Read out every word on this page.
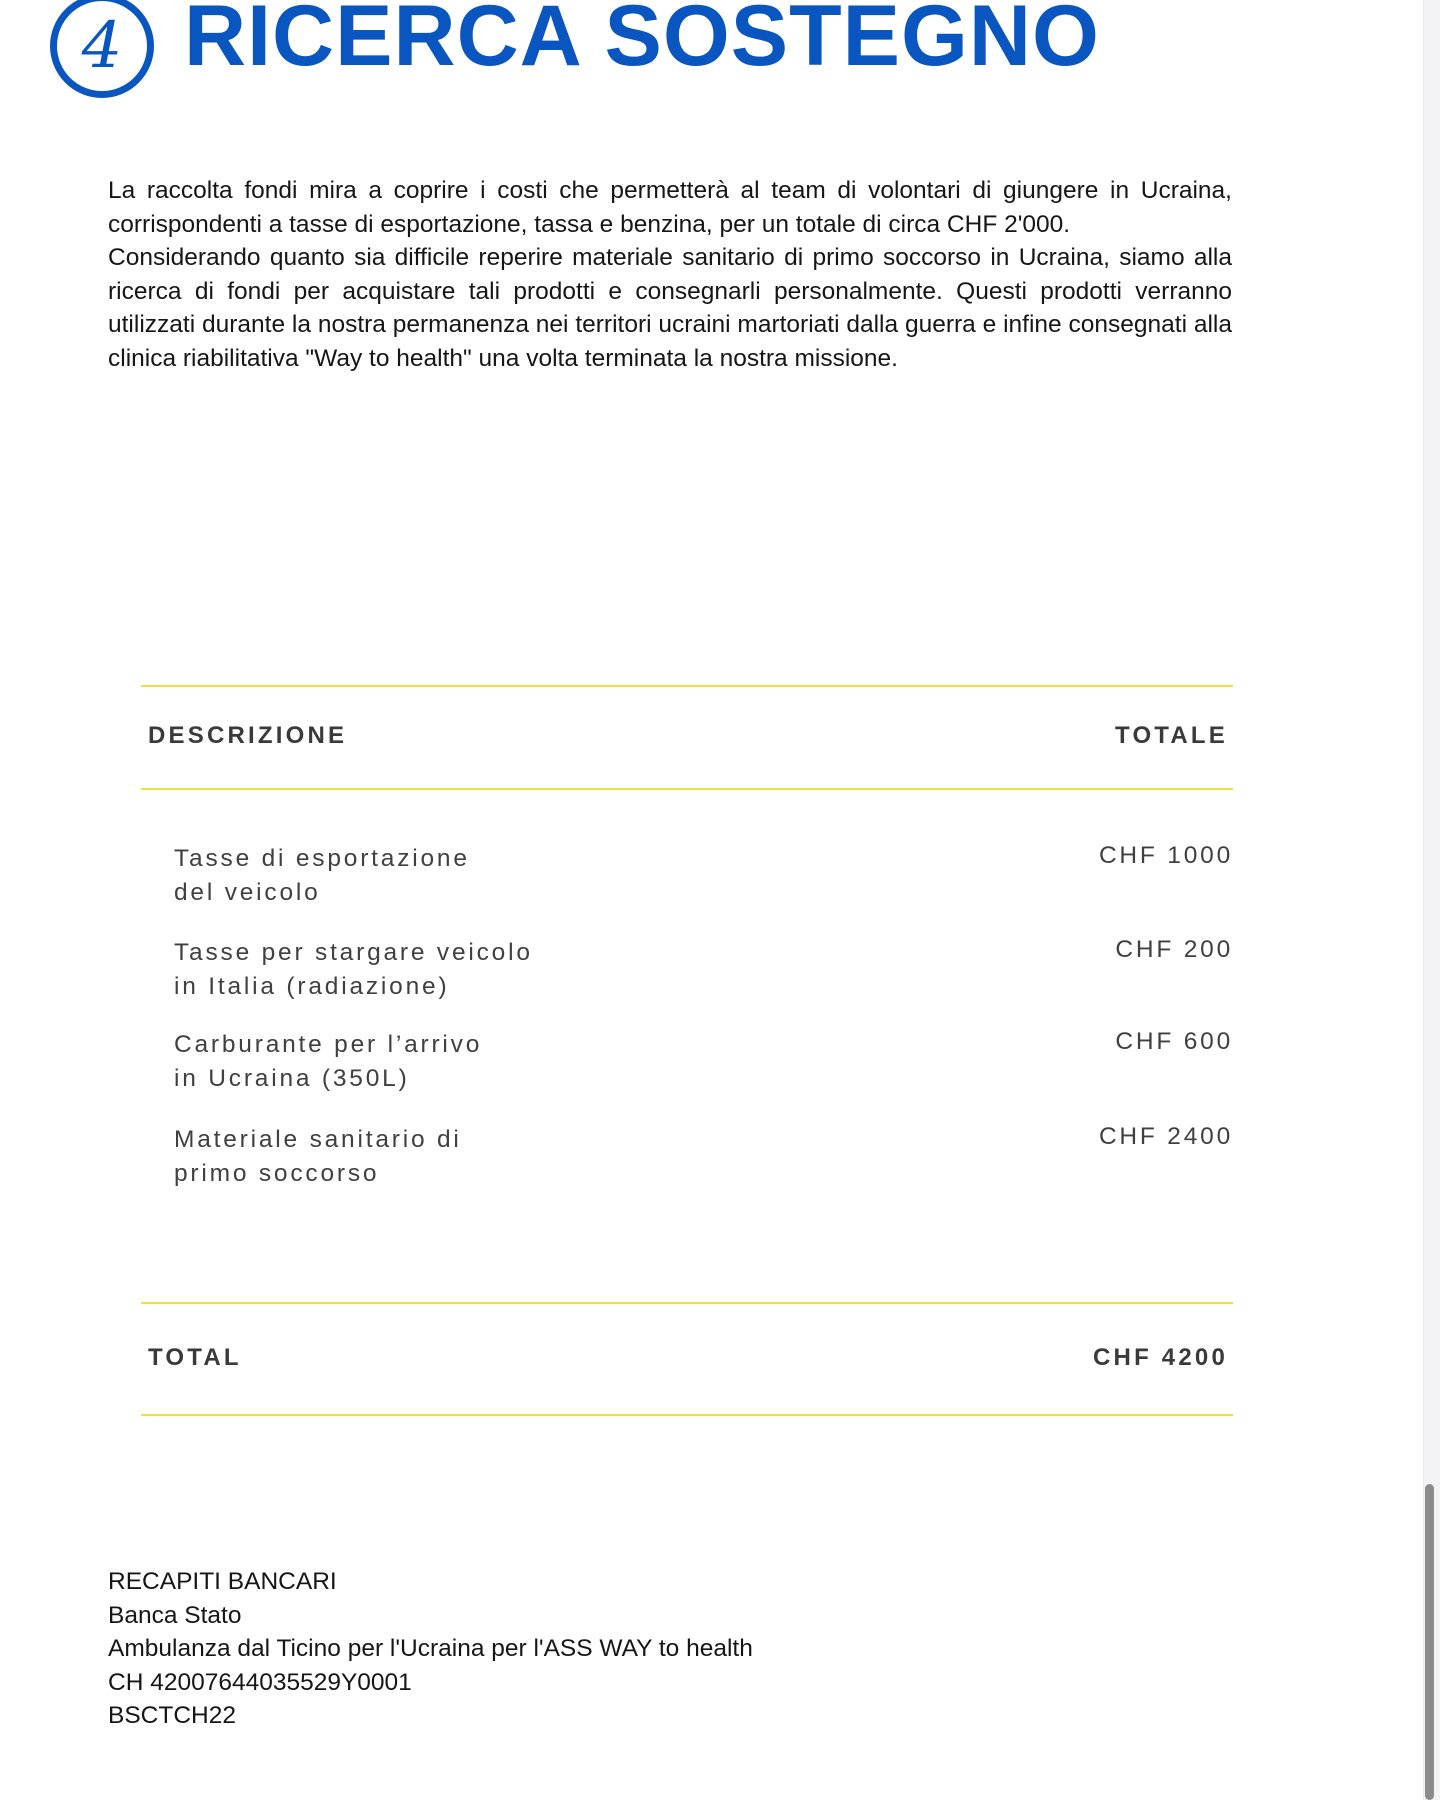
4 RICERCA SOSTEGNO

La raccolta fondi mira a coprire i costi che permetterà al team di volontari di giungere in Ucraina, corrispondenti a tasse di esportazione, tassa e benzina, per un totale di circa CHF 2'000.

Considerando quanto sia difficile reperire materiale sanitario di primo soccorso in Ucraina, siamo alla ricerca di fondi per acquistare tali prodotti e consegnarli personalmente. Questi prodotti verranno utilizzati durante la nostra permanenza nei territori ucraini martoriati dalla guerra e infine consegnati alla clinica riabilitativa "Way to health" una volta terminata la nostra missione.

DESCRIZIONE	TOTALE
Tasse di esportazione
del veicolo
CHF 1000
Tasse per stargare veicolo
in Italia (radiazione)
CHF 200
Carburante per l’arrivo
in Ucraina (350L)
CHF 600
Materiale sanitario di
primo soccorso
CHF 2400
TOTAL	CHF 4200
RECAPITI BANCARI
Banca Stato
Ambulanza dal Ticino per l'Ucraina per l'ASS WAY to health
CH 42007644035529Y0001
BSCTCH22
